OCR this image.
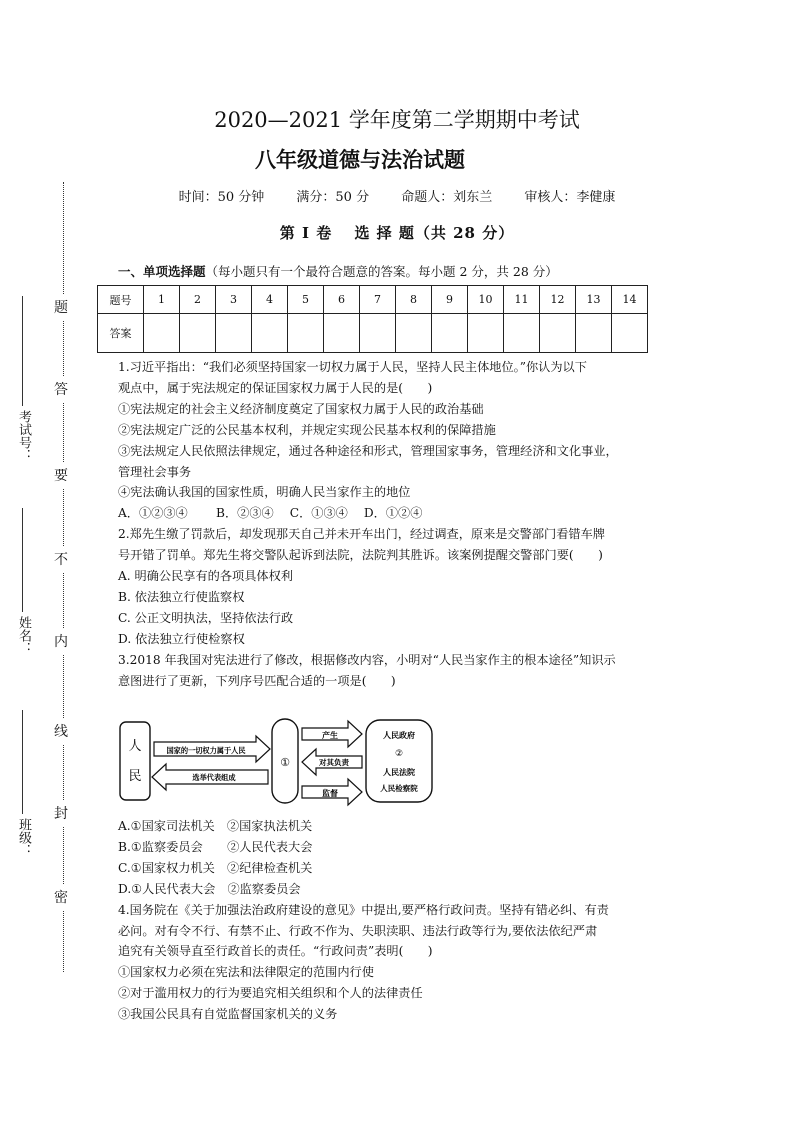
题
答
要
不
内
线
封
密
考试号：
姓名：
班级：
2020—2021 学年度第二学期期中考试
八年级道德与法治试题
时间：50 分钟 满分：50 分 命题人：刘东兰 审核人：李健康
第 Ⅰ 卷　 选 择 题（共 28 分）
一、单项选择题（每小题只有一个最符合题意的答案。每小题 2 分，共 28 分）
题号	1	2	3	4	5	6	7	8	9	10	11	12	13	14
答案														

1.习近平指出：“我们必须坚持国家一切权力属于人民，坚持人民主体地位。”你认为以下

观点中，属于宪法规定的保证国家权力属于人民的是(　　)

①宪法规定的社会主义经济制度奠定了国家权力属于人民的政治基础

②宪法规定广泛的公民基本权利，并规定实现公民基本权利的保障措施

③宪法规定人民依照法律规定，通过各种途径和形式，管理国家事务，管理经济和文化事业，

管理社会事务

④宪法确认我国的国家性质，明确人民当家作主的地位

A．①②③④　　 B．②③④　 C．①③④　 D．①②④

2.郑先生缴了罚款后，却发现那天自己并未开车出门，经过调查，原来是交警部门看错车牌

号开错了罚单。郑先生将交警队起诉到法院，法院判其胜诉。该案例提醒交警部门要(　　)

A. 明确公民享有的各项具体权利

B. 依法独立行使监察权

C. 公正文明执法，坚持依法行政

D. 依法独立行使检察权

3.2018 年我国对宪法进行了修改，根据修改内容，小明对“人民当家作主的根本途径”知识示

意图进行了更新，下列序号匹配合适的一项是(　　)

人
民
国家的一切权力属于人民
选举代表组成
①
产生
对其负责
监督
人民政府
②
人民法院
人民检察院

A.①国家司法机关　②国家执法机关

B.①监察委员会　　②人民代表大会

C.①国家权力机关　②纪律检查机关

D.①人民代表大会　②监察委员会

4.国务院在《关于加强法治政府建设的意见》中提出,要严格行政问责。坚持有错必纠、有责

必问。对有令不行、有禁不止、行政不作为、失职渎职、违法行政等行为,要依法依纪严肃

追究有关领导直至行政首长的责任。“行政问责”表明(　　)

①国家权力必须在宪法和法律限定的范围内行使

②对于滥用权力的行为要追究相关组织和个人的法律责任

③我国公民具有自觉监督国家机关的义务
